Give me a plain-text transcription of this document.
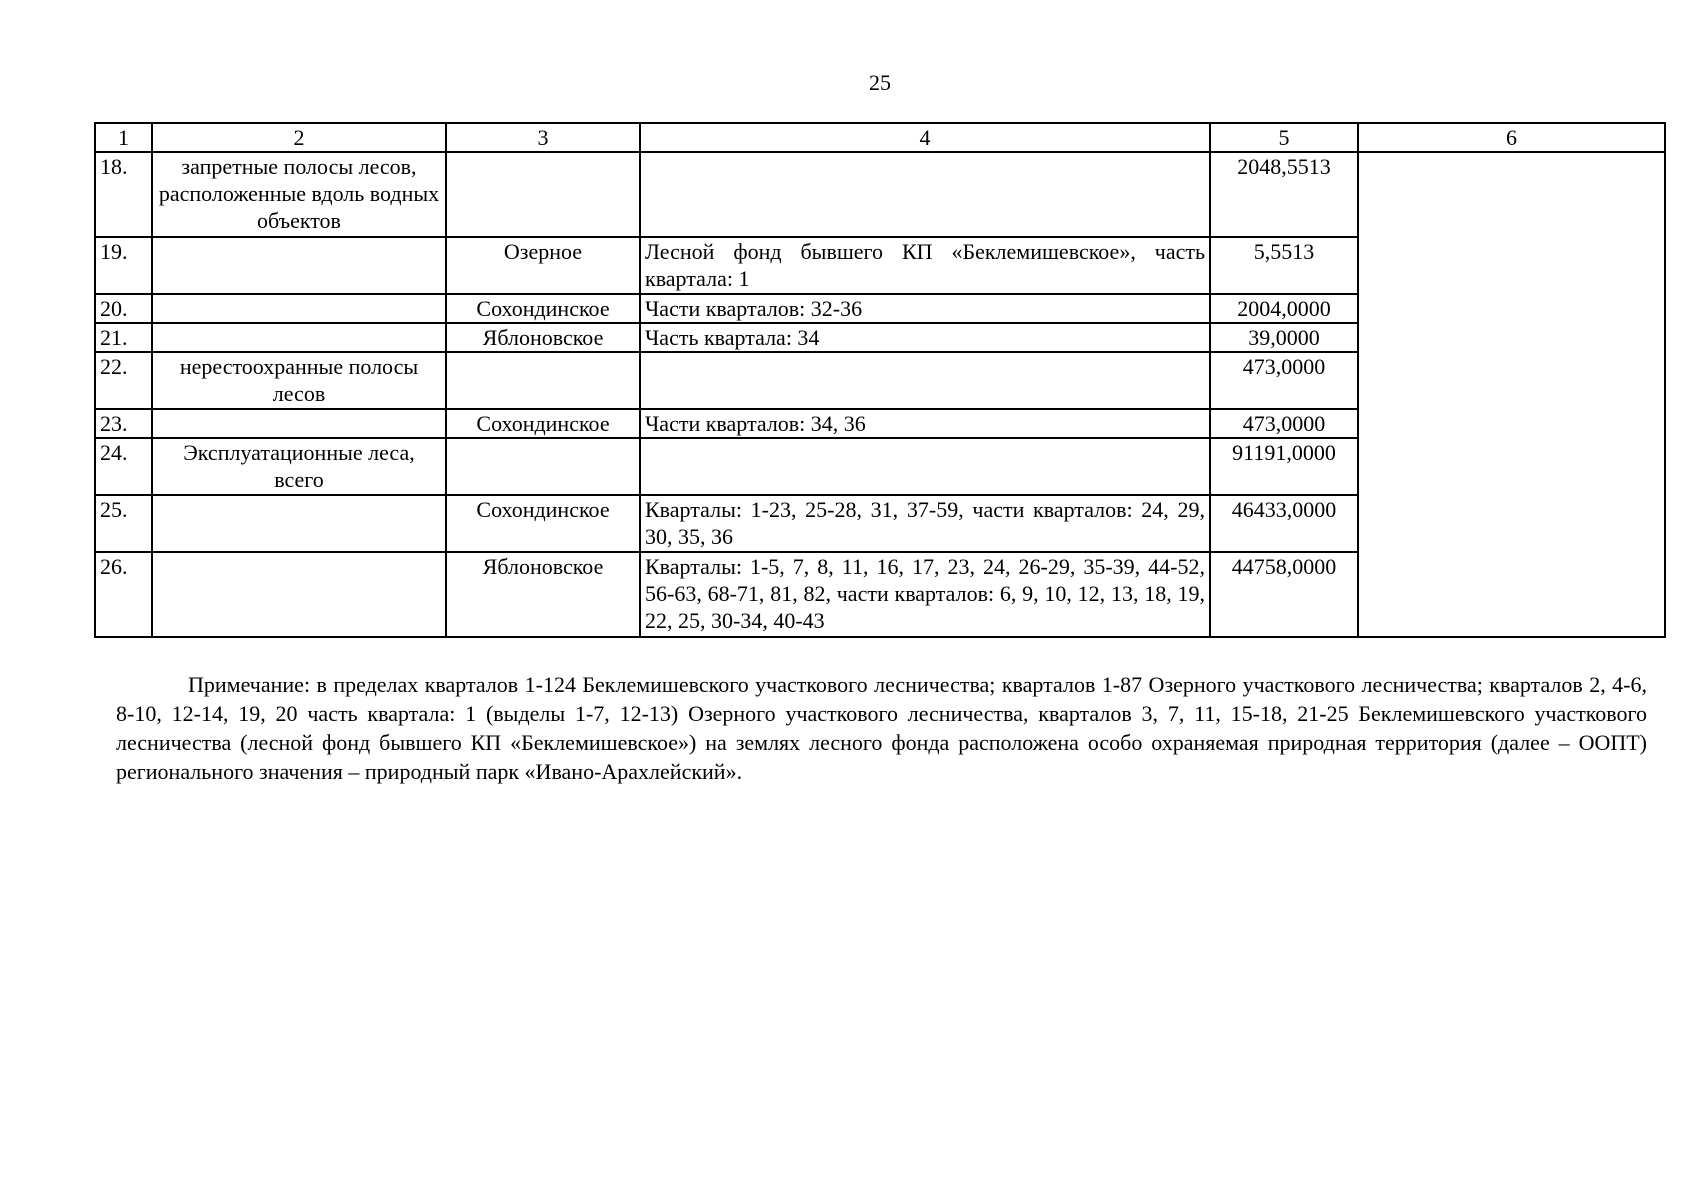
25
1	2	3	4	5	6
18.	запретные полосы лесов, расположенные вдоль водных объектов			2048,5513	
19.		Озерное	Лесной фонд бывшего КП «Беклемишевское», часть квартала: 1	5,5513	
20.		Сохондинское	Части кварталов: 32-36	2004,0000	
21.		Яблоновское	Часть квартала: 34	39,0000	
22.	нерестоохранные полосы лесов			473,0000	
23.		Сохондинское	Части кварталов: 34, 36	473,0000	
24.	Эксплуатационные леса, всего			91191,0000	
25.		Сохондинское	Кварталы: 1-23, 25-28, 31, 37-59, части кварталов: 24, 29, 30, 35, 36	46433,0000	
26.		Яблоновское	Кварталы: 1-5, 7, 8, 11, 16, 17, 23, 24, 26-29, 35-39, 44-52, 56-63, 68-71, 81, 82, части кварталов: 6, 9, 10, 12, 13, 18, 19, 22, 25, 30-34, 40-43	44758,0000	

Примечание: в пределах кварталов 1-124 Беклемишевского участкового лесничества; кварталов 1-87 Озерного участкового лесничества; кварталов 2, 4-6, 8-10, 12-14, 19, 20 часть квартала: 1 (выделы 1-7, 12-13) Озерного участкового лесничества, кварталов 3, 7, 11, 15-18, 21-25 Беклемишевского участкового лесничества (лесной фонд бывшего КП «Беклемишевское») на землях лесного фонда расположена особо охраняемая природная территория (далее – ООПТ) регионального значения – природный парк «Ивано-Арахлейский».
